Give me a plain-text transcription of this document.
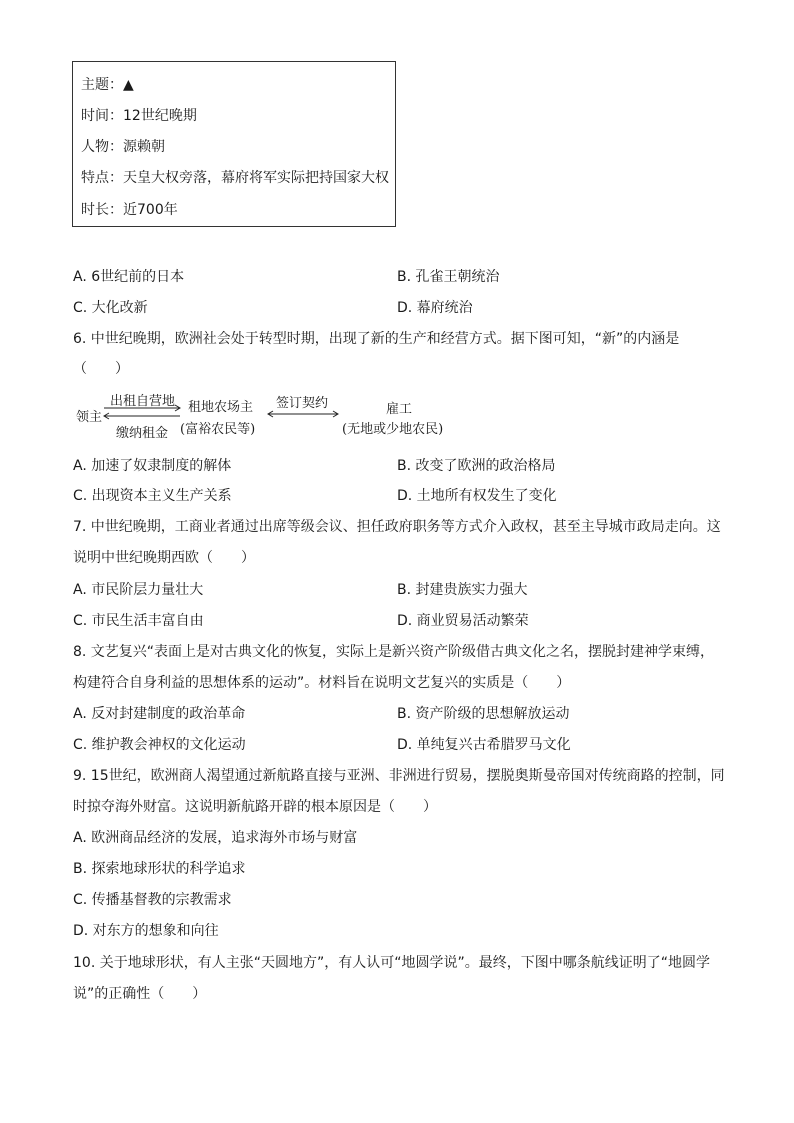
主题：▲
时间：12世纪晚期
人物：源赖朝
特点：天皇大权旁落，幕府将军实际把持国家大权
时长：近700年
A. 6世纪前的日本	B. 孔雀王朝统治
C. 大化改新	D. 幕府统治
6. 中世纪晚期，欧洲社会处于转型时期，出现了新的生产和经营方式。据下图可知，“新”的内涵是
（　　）
领主
出租自营地
缴纳租金
租地农场主
(富裕农民等)
签订契约	雇工
(无地或少地农民)
A. 加速了奴隶制度的解体	B. 改变了欧洲的政治格局
C. 出现资本主义生产关系	D. 土地所有权发生了变化
7. 中世纪晚期，工商业者通过出席等级会议、担任政府职务等方式介入政权，甚至主导城市政局走向。这
说明中世纪晚期西欧（　　）
A. 市民阶层力量壮大	B. 封建贵族实力强大
C. 市民生活丰富自由	D. 商业贸易活动繁荣
8. 文艺复兴“表面上是对古典文化的恢复，实际上是新兴资产阶级借古典文化之名，摆脱封建神学束缚，
构建符合自身利益的思想体系的运动”。材料旨在说明文艺复兴的实质是（　　）
A. 反对封建制度的政治革命	B. 资产阶级的思想解放运动
C. 维护教会神权的文化运动	D. 单纯复兴古希腊罗马文化
9. 15世纪，欧洲商人渴望通过新航路直接与亚洲、非洲进行贸易，摆脱奥斯曼帝国对传统商路的控制，同
时掠夺海外财富。这说明新航路开辟的根本原因是（　　）
A. 欧洲商品经济的发展，追求海外市场与财富
B. 探索地球形状的科学追求
C. 传播基督教的宗教需求
D. 对东方的想象和向往
10. 关于地球形状，有人主张“天圆地方”，有人认可“地圆学说”。最终，下图中哪条航线证明了“地圆学
说”的正确性（　　）
